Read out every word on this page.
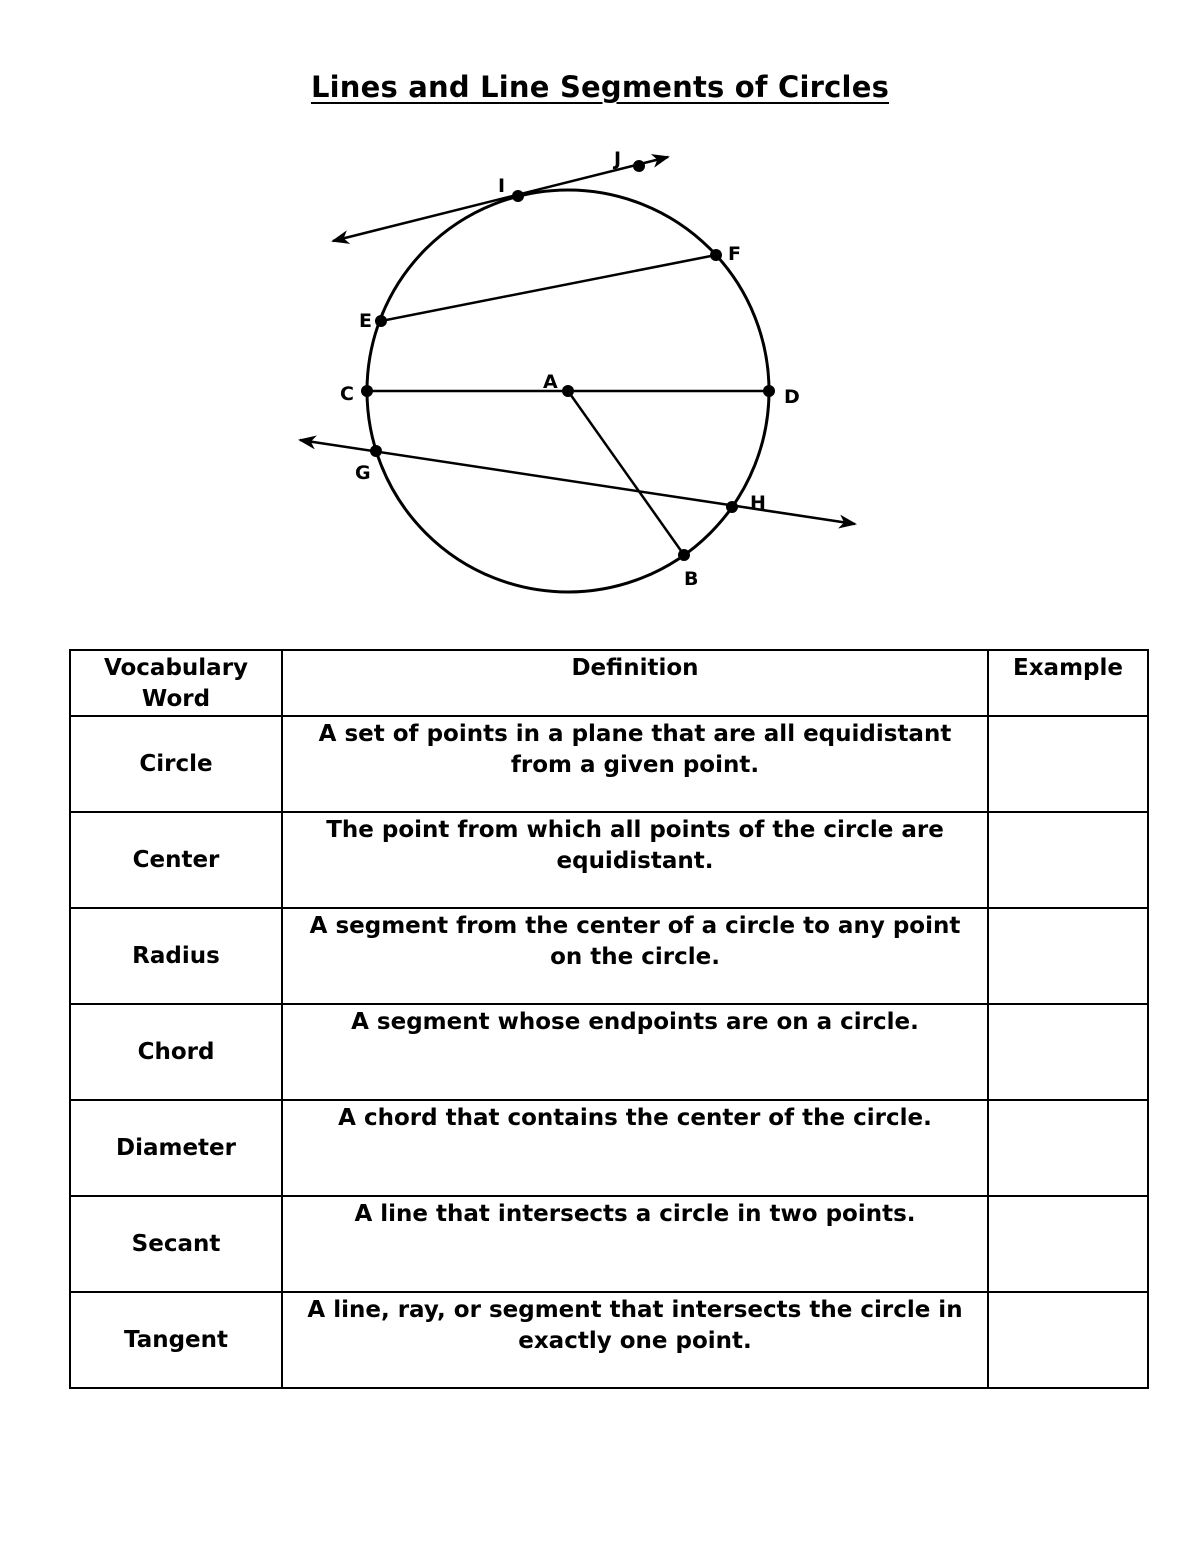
Lines and Line Segments of Circles
A
B
C	D
E
F
G
H
I
J
Vocabulary Word	Definition	Example
Circle	A set of points in a plane that are all equidistant from a given point.	
Center	The point from which all points of the circle are equidistant.	
Radius	A segment from the center of a circle to any point on the circle.	
Chord	A segment whose endpoints are on a circle.	
Diameter	A chord that contains the center of the circle.	
Secant	A line that intersects a circle in two points.	
Tangent	A line, ray, or segment that intersects the circle in exactly one point.	
